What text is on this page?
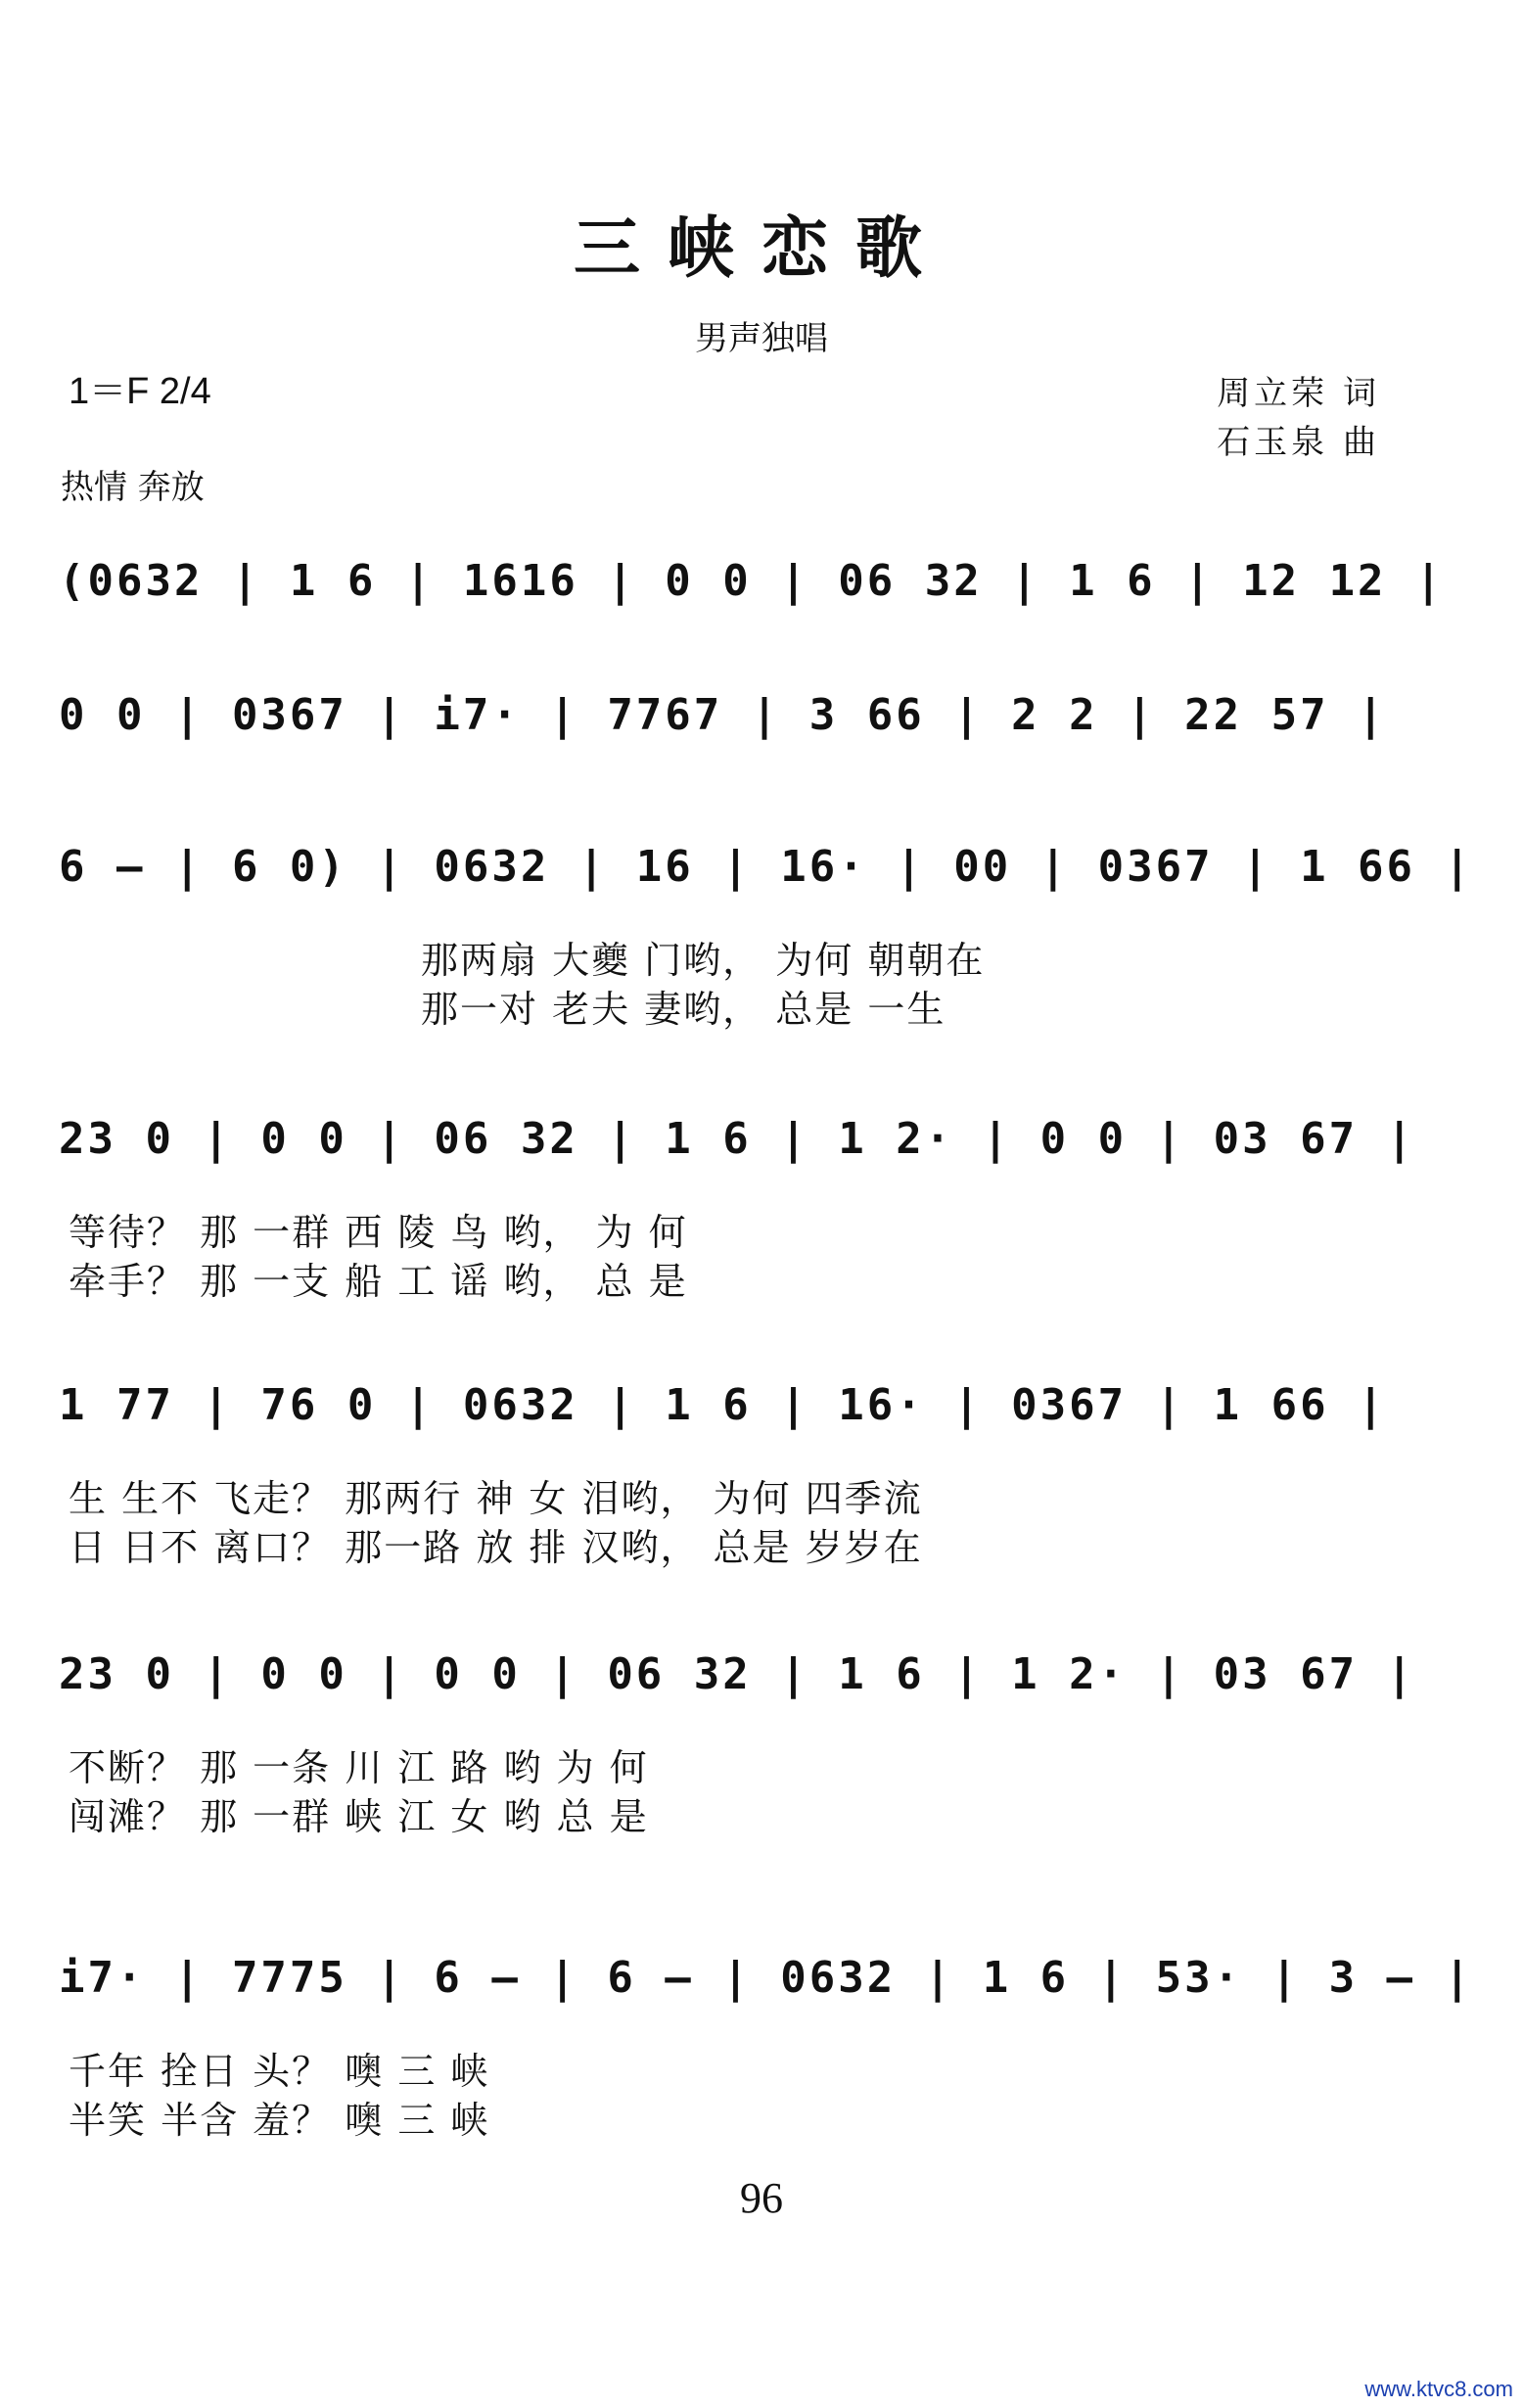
三峡恋歌
男声独唱
1＝F 2/4	周立荣 词
石玉泉 曲
热情 奔放
(0632 | 1 6 | 1616 | 0 0 | 06 32 | 1 6 | 12 12 |
0 0 | 0367 | i7· | 7767 | 3 66 | 2 2 | 22 57 |
6 — | 6 0) | 0632 | 16 | 16· | 00 | 0367 | 1 66 |
那两扇 大夔 门哟， 为何 朝朝在
那一对 老夫 妻哟， 总是 一生
23 0 | 0 0 | 06 32 | 1 6 | 1 2· | 0 0 | 03 67 |
等待？ 那 一群 西 陵 鸟 哟， 为 何
牵手？ 那 一支 船 工 谣 哟， 总 是
1 77 | 76 0 | 0632 | 1 6 | 16· | 0367 | 1 66 |
生 生不 飞走？ 那两行 神 女 泪哟， 为何 四季流
日 日不 离口？ 那一路 放 排 汉哟， 总是 岁岁在
23 0 | 0 0 | 0 0 | 06 32 | 1 6 | 1 2· | 03 67 |
不断？ 那 一条 川 江 路 哟 为 何
闯滩？ 那 一群 峡 江 女 哟 总 是
i7· | 7775 | 6 — | 6 — | 0632 | 1 6 | 53· | 3 — |
千年 拴日 头？ 噢 三 峡
半笑 半含 羞？ 噢 三 峡
96
www.ktvc8.com
